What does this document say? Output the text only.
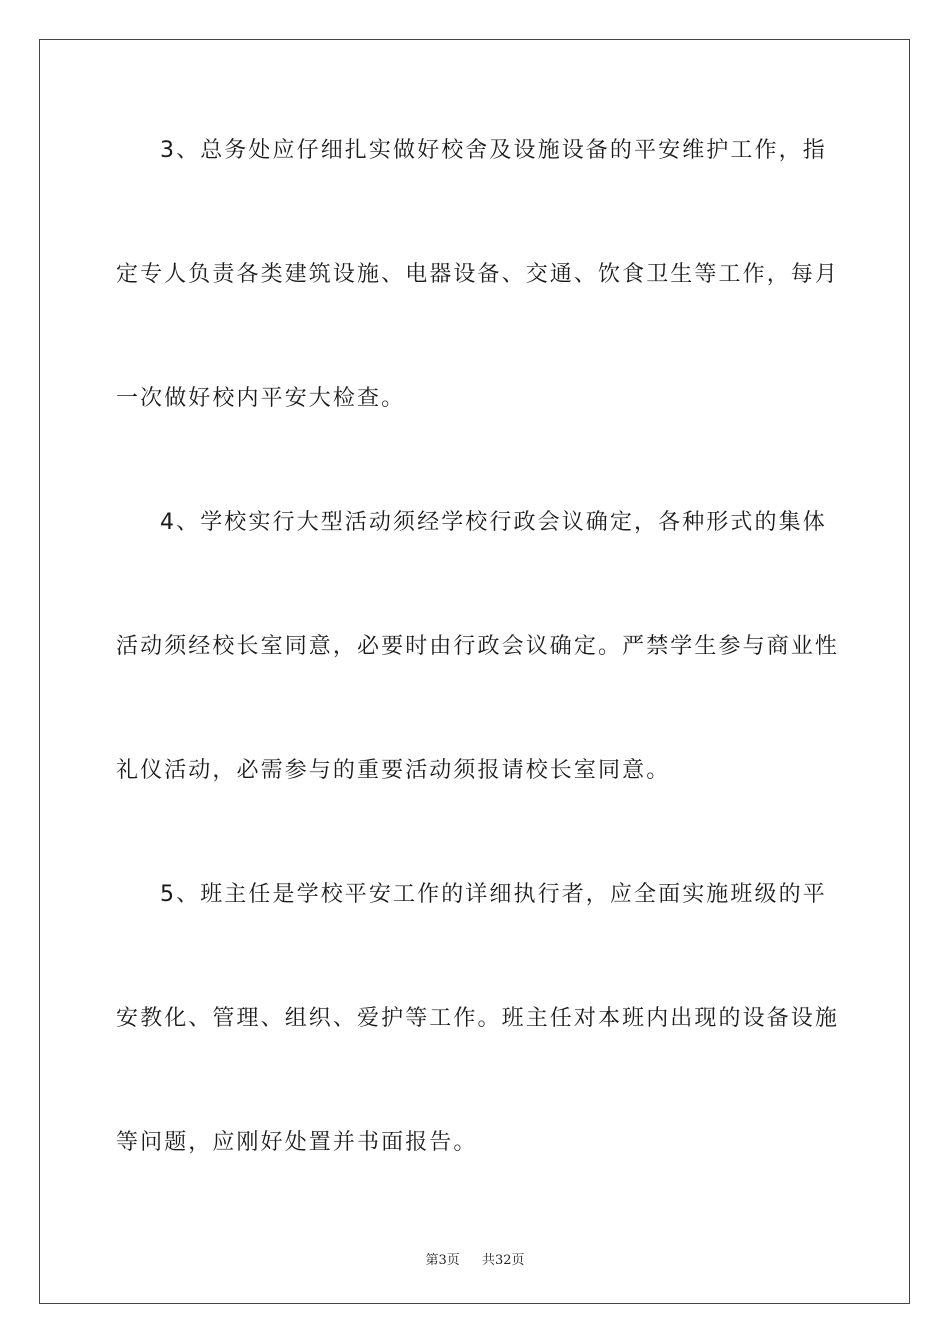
3、总务处应仔细扎实做好校舍及设施设备的平安维护工作，指
定专人负责各类建筑设施、电器设备、交通、饮食卫生等工作，每月
一次做好校内平安大检查。
4、学校实行大型活动须经学校行政会议确定，各种形式的集体
活动须经校长室同意，必要时由行政会议确定。严禁学生参与商业性
礼仪活动，必需参与的重要活动须报请校长室同意。
5、班主任是学校平安工作的详细执行者，应全面实施班级的平
安教化、管理、组织、爱护等工作。班主任对本班内出现的设备设施
等问题，应刚好处置并书面报告。
第3页 共32页
